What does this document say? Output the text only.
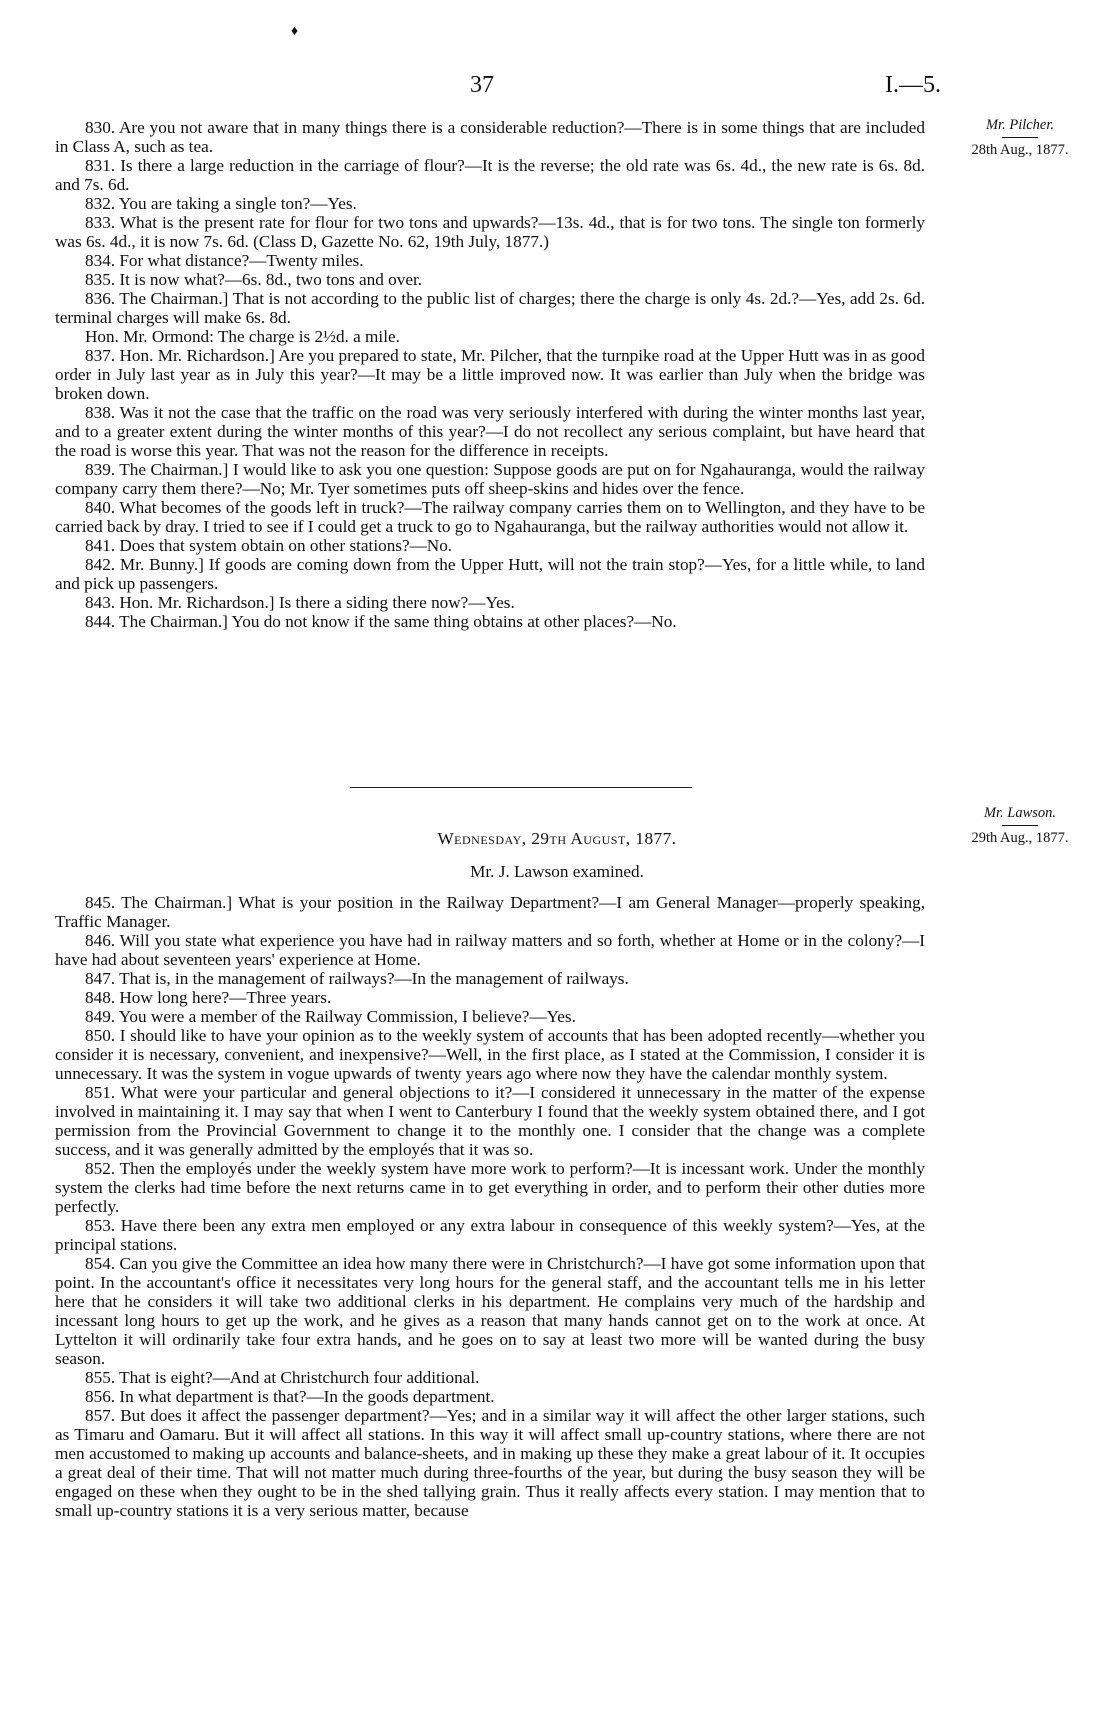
♦
37	I.—5.
Mr. Pilcher.
28th Aug., 1877.

830. Are you not aware that in many things there is a considerable reduction?—There is in some things that are included in Class A, such as tea.

831. Is there a large reduction in the carriage of flour?—It is the reverse; the old rate was 6s. 4d., the new rate is 6s. 8d. and 7s. 6d.

832. You are taking a single ton?—Yes.

833. What is the present rate for flour for two tons and upwards?—13s. 4d., that is for two tons. The single ton formerly was 6s. 4d., it is now 7s. 6d. (Class D, Gazette No. 62, 19th July, 1877.)

834. For what distance?—Twenty miles.

835. It is now what?—6s. 8d., two tons and over.

836. The Chairman.] That is not according to the public list of charges; there the charge is only 4s. 2d.?—Yes, add 2s. 6d. terminal charges will make 6s. 8d.

Hon. Mr. Ormond: The charge is 2½d. a mile.

837. Hon. Mr. Richardson.] Are you prepared to state, Mr. Pilcher, that the turnpike road at the Upper Hutt was in as good order in July last year as in July this year?—It may be a little improved now. It was earlier than July when the bridge was broken down.

838. Was it not the case that the traffic on the road was very seriously interfered with during the winter months last year, and to a greater extent during the winter months of this year?—I do not recollect any serious complaint, but have heard that the road is worse this year. That was not the reason for the difference in receipts.

839. The Chairman.] I would like to ask you one question: Suppose goods are put on for Ngahauranga, would the railway company carry them there?—No; Mr. Tyer sometimes puts off sheep-skins and hides over the fence.

840. What becomes of the goods left in truck?—The railway company carries them on to Wellington, and they have to be carried back by dray. I tried to see if I could get a truck to go to Ngahauranga, but the railway authorities would not allow it.

841. Does that system obtain on other stations?—No.

842. Mr. Bunny.] If goods are coming down from the Upper Hutt, will not the train stop?—Yes, for a little while, to land and pick up passengers.

843. Hon. Mr. Richardson.] Is there a siding there now?—Yes.

844. The Chairman.] You do not know if the same thing obtains at other places?—No.

Mr. Lawson.
29th Aug., 1877.
Wednesday, 29th August, 1877.
Mr. J. Lawson examined.

845. The Chairman.] What is your position in the Railway Department?—I am General Manager—properly speaking, Traffic Manager.

846. Will you state what experience you have had in railway matters and so forth, whether at Home or in the colony?—I have had about seventeen years' experience at Home.

847. That is, in the management of railways?—In the management of railways.

848. How long here?—Three years.

849. You were a member of the Railway Commission, I believe?—Yes.

850. I should like to have your opinion as to the weekly system of accounts that has been adopted recently—whether you consider it is necessary, convenient, and inexpensive?—Well, in the first place, as I stated at the Commission, I consider it is unnecessary. It was the system in vogue upwards of twenty years ago where now they have the calendar monthly system.

851. What were your particular and general objections to it?—I considered it unnecessary in the matter of the expense involved in maintaining it. I may say that when I went to Canterbury I found that the weekly system obtained there, and I got permission from the Provincial Government to change it to the monthly one. I consider that the change was a complete success, and it was generally admitted by the employés that it was so.

852. Then the employés under the weekly system have more work to perform?—It is incessant work. Under the monthly system the clerks had time before the next returns came in to get everything in order, and to perform their other duties more perfectly.

853. Have there been any extra men employed or any extra labour in consequence of this weekly system?—Yes, at the principal stations.

854. Can you give the Committee an idea how many there were in Christchurch?—I have got some information upon that point. In the accountant's office it necessitates very long hours for the general staff, and the accountant tells me in his letter here that he considers it will take two additional clerks in his department. He complains very much of the hardship and incessant long hours to get up the work, and he gives as a reason that many hands cannot get on to the work at once. At Lyttelton it will ordinarily take four extra hands, and he goes on to say at least two more will be wanted during the busy season.

855. That is eight?—And at Christchurch four additional.

856. In what department is that?—In the goods department.

857. But does it affect the passenger department?—Yes; and in a similar way it will affect the other larger stations, such as Timaru and Oamaru. But it will affect all stations. In this way it will affect small up-country stations, where there are not men accustomed to making up accounts and balance-sheets, and in making up these they make a great labour of it. It occupies a great deal of their time. That will not matter much during three-fourths of the year, but during the busy season they will be engaged on these when they ought to be in the shed tallying grain. Thus it really affects every station. I may mention that to small up-country stations it is a very serious matter, because
